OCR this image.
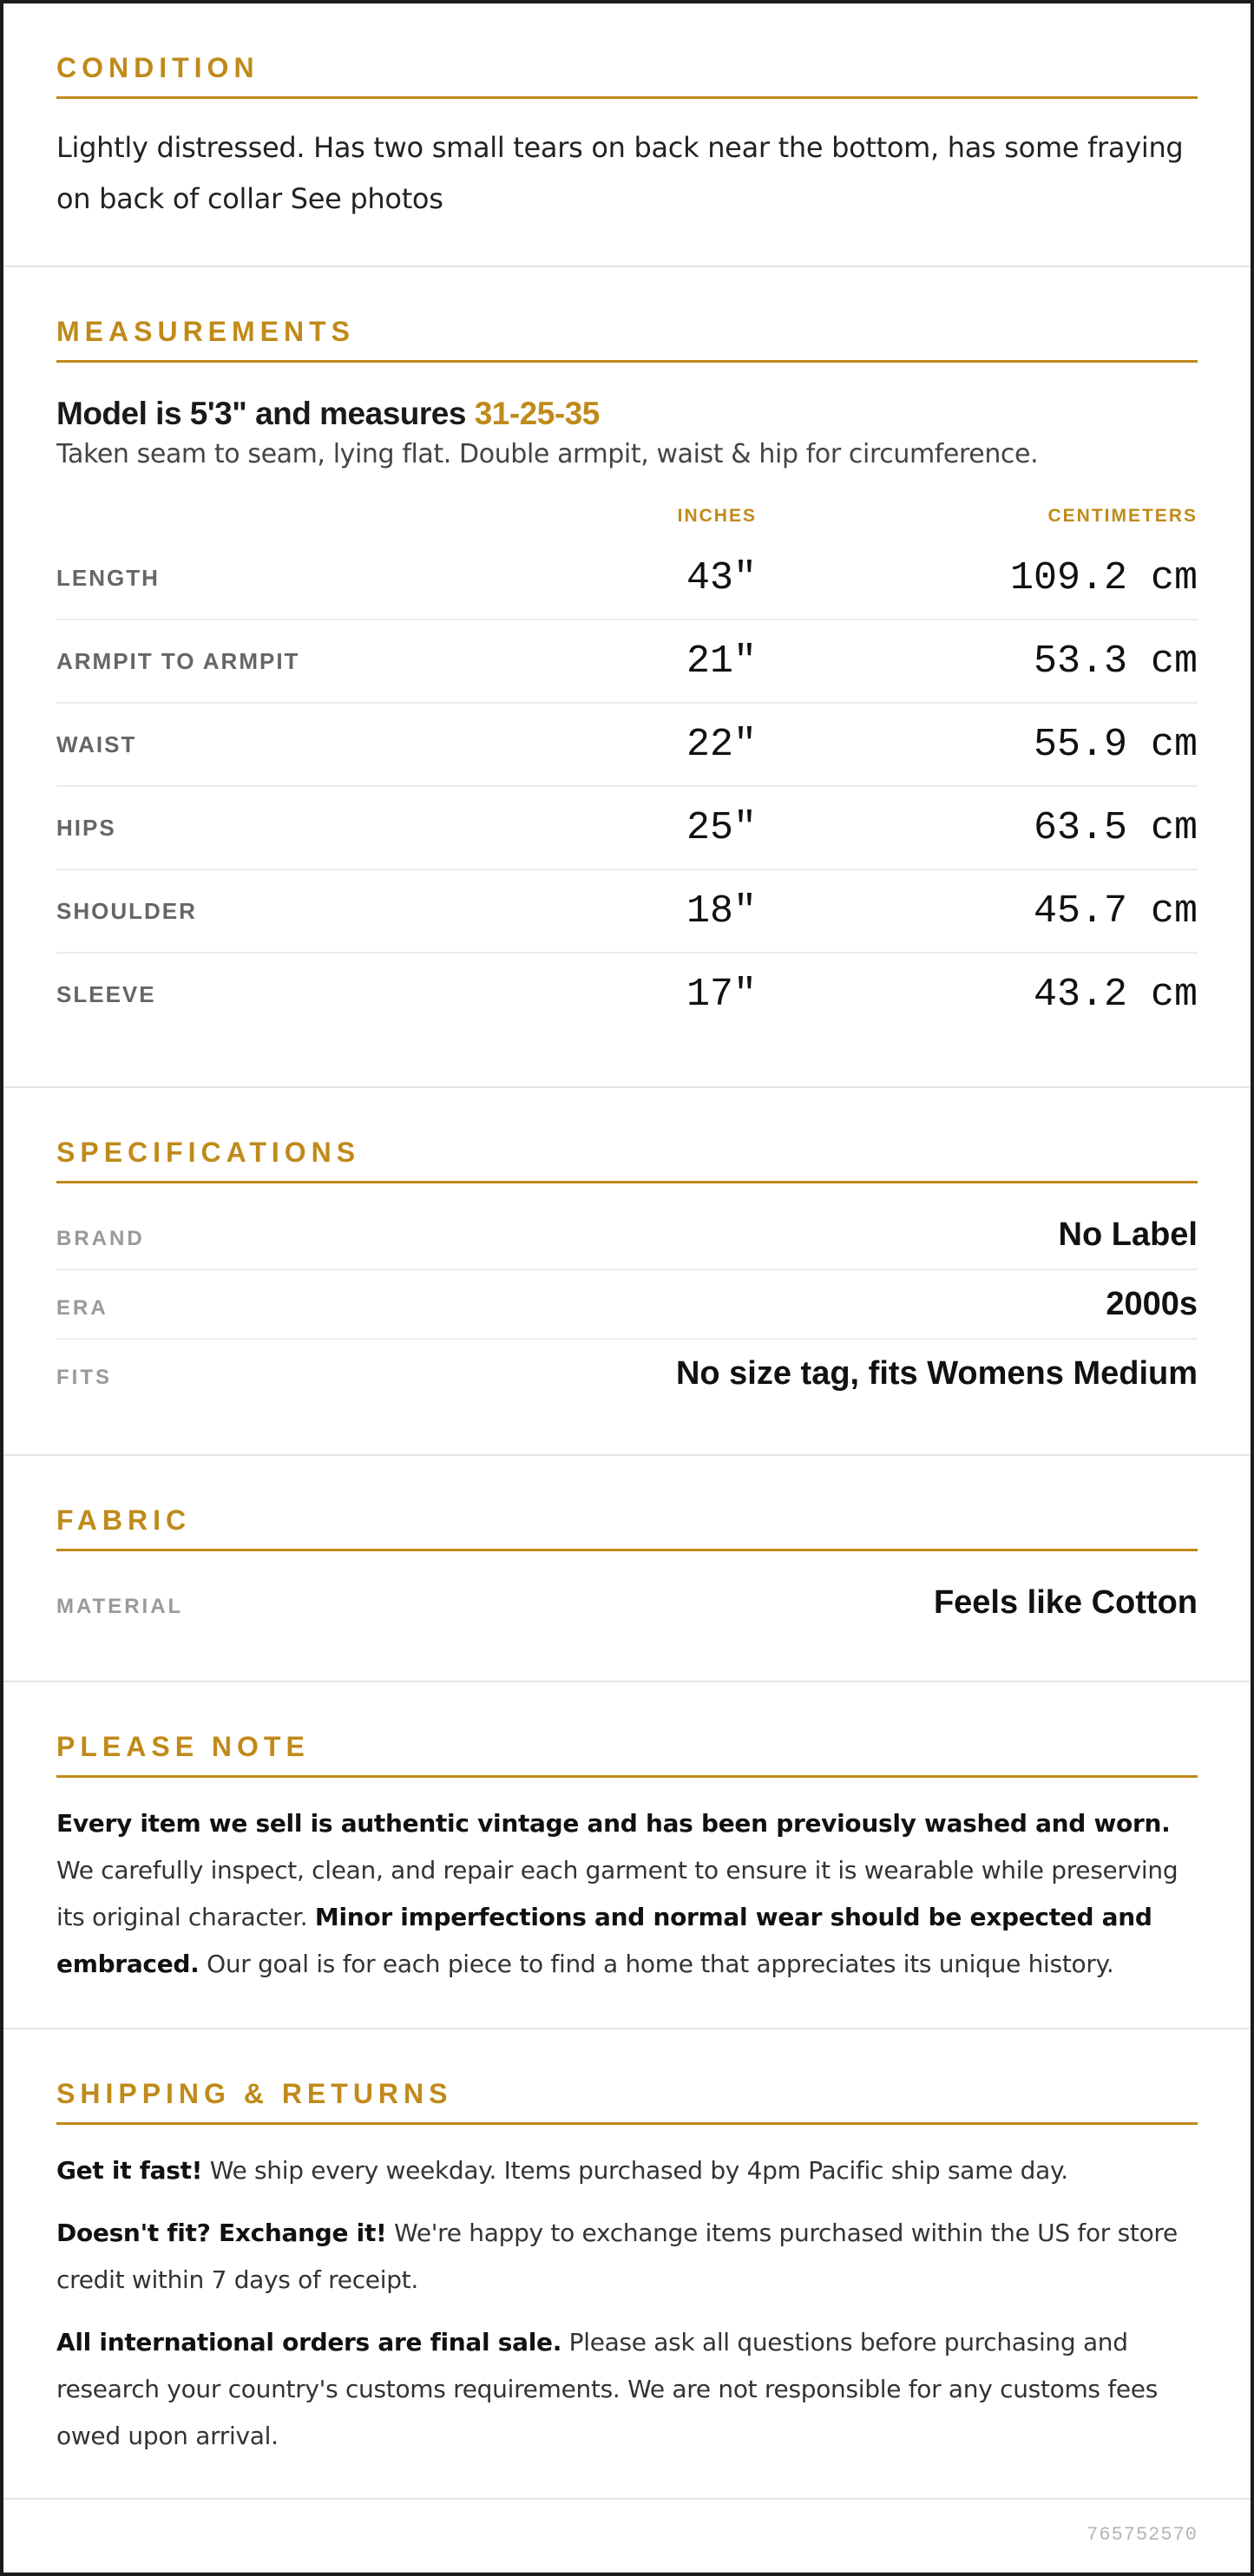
CONDITION

Lightly distressed. Has two small tears on back near the bottom, has some fraying on back of collar See photos

MEASUREMENTS
Model is 5'3" and measures 31-25-35
Taken seam to seam, lying flat. Double armpit, waist & hip for circumference.
INCHES	CENTIMETERS
LENGTH	43"	109.2 cm
ARMPIT TO ARMPIT	21"	53.3 cm
WAIST	22"	55.9 cm
HIPS	25"	63.5 cm
SHOULDER	18"	45.7 cm
SLEEVE	17"	43.2 cm
SPECIFICATIONS
BRAND	No Label
ERA	2000s
FITS	No size tag, fits Womens Medium
FABRIC
MATERIAL	Feels like Cotton
PLEASE NOTE

Every item we sell is authentic vintage and has been previously washed and worn. We carefully inspect, clean, and repair each garment to ensure it is wearable while preserving its original character. Minor imperfections and normal wear should be expected and embraced. Our goal is for each piece to find a home that appreciates its unique history.

SHIPPING & RETURNS

Get it fast! We ship every weekday. Items purchased by 4pm Pacific ship same day.

Doesn't fit? Exchange it! We're happy to exchange items purchased within the US for store credit within 7 days of receipt.

All international orders are final sale. Please ask all questions before purchasing and research your country's customs requirements. We are not responsible for any customs fees owed upon arrival.

765752570
